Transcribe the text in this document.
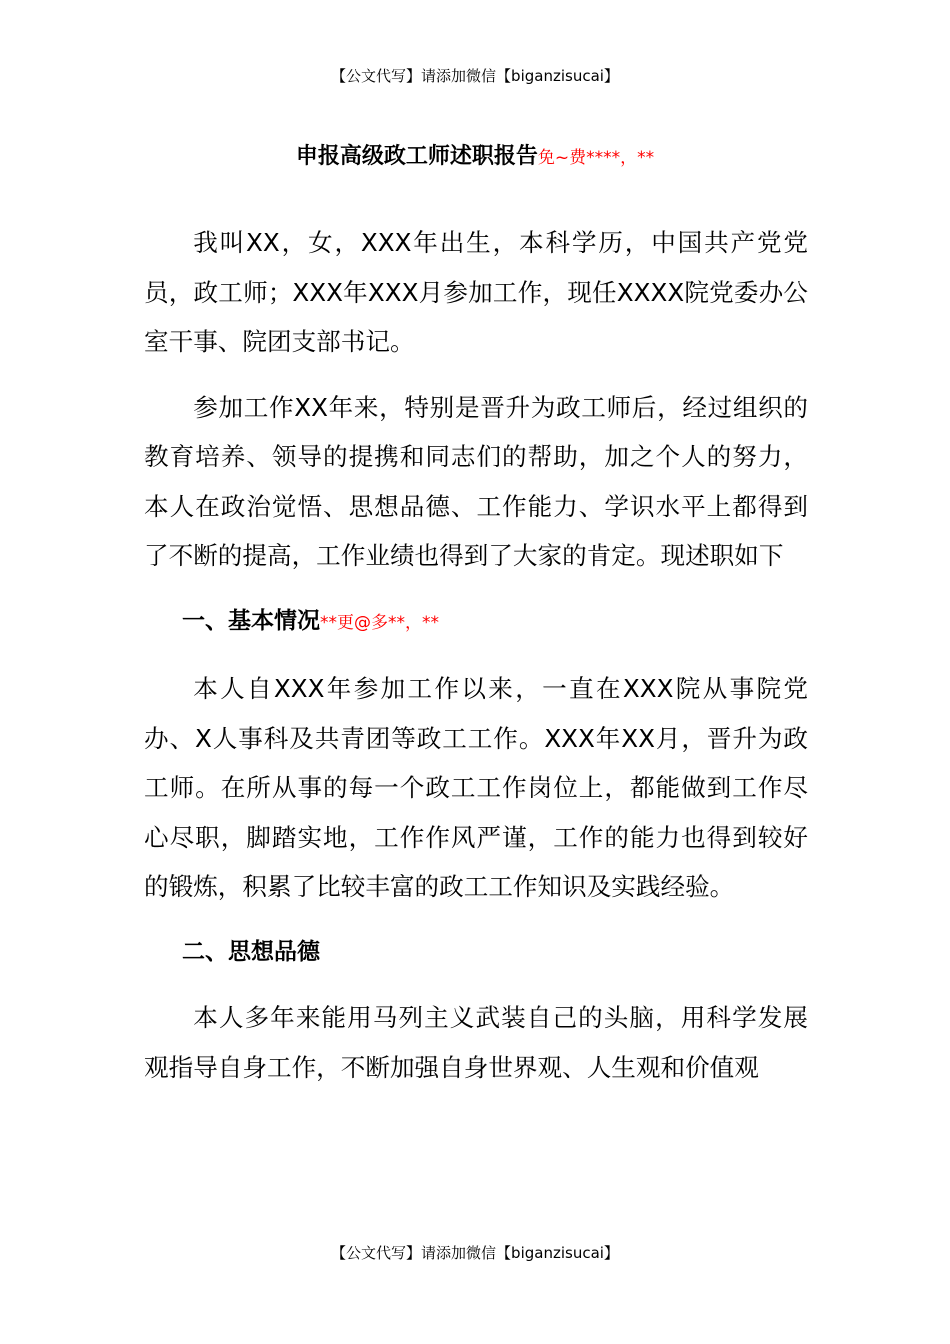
【公文代写】请添加微信【biganzisucai】
申报高级政工师述职报告免~费****，**

我叫XX，女，XXX年出生，本科学历，中国共产党党员，政工师；XXX年XXX月参加工作，现任XXXX院党委办公室干事、院团支部书记。

参加工作XX年来，特别是晋升为政工师后，经过组织的教育培养、领导的提携和同志们的帮助，加之个人的努力，本人在政治觉悟、思想品德、工作能力、学识水平上都得到了不断的提高，工作业绩也得到了大家的肯定。现述职如下

一、基本情况**更@多**，**

本人自XXX年参加工作以来，一直在XXX院从事院党办、X人事科及共青团等政工工作。XXX年XX月，晋升为政工师。在所从事的每一个政工工作岗位上，都能做到工作尽心尽职，脚踏实地，工作作风严谨，工作的能力也得到较好的锻炼，积累了比较丰富的政工工作知识及实践经验。

二、思想品德

本人多年来能用马列主义武装自己的头脑，用科学发展观指导自身工作，不断加强自身世界观、人生观和价值观

【公文代写】请添加微信【biganzisucai】
